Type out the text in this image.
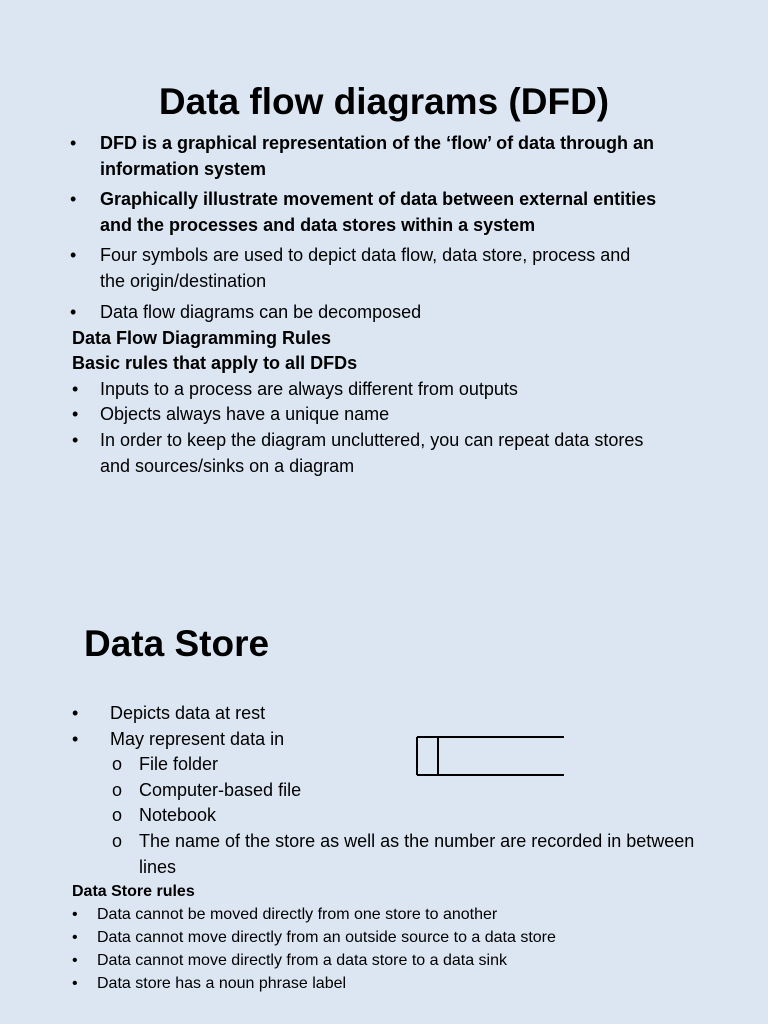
Data flow diagrams (DFD)
• DFD is a graphical representation of the ‘flow’ of data through an
information system
• Graphically illustrate movement of data between external entities
and the processes and data stores within a system
• Four symbols are used to depict data flow, data store, process and
the origin/destination
• Data flow diagrams can be decomposed
Data Flow Diagramming Rules
Basic rules that apply to all DFDs
• Inputs to a process are always different from outputs
• Objects always have a unique name
• In order to keep the diagram uncluttered, you can repeat data stores
and sources/sinks on a diagram
Data Store
• Depicts data at rest
• May represent data in
o File folder
o Computer-based file
o Notebook
o The name of the store as well as the number are recorded in between
lines
Data Store rules
• Data cannot be moved directly from one store to another
• Data cannot move directly from an outside source to a data store
• Data cannot move directly from a data store to a data sink
• Data store has a noun phrase label
